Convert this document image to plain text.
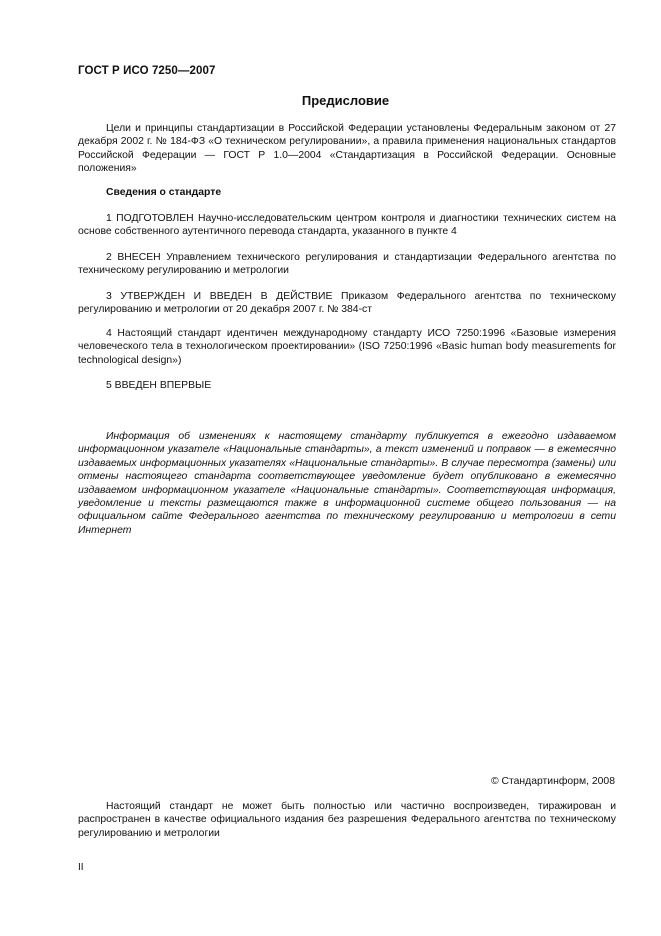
ГОСТ Р ИСО 7250—2007
Предисловие

Цели и принципы стандартизации в Российской Федерации установлены Федеральным законом от 27 декабря 2002 г. № 184-ФЗ «О техническом регулировании», а правила применения национальных стандартов Российской Федерации — ГОСТ Р 1.0—2004 «Стандартизация в Российской Федерации. Основные положения»

Сведения о стандарте

1 ПОДГОТОВЛЕН Научно-исследовательским центром контроля и диагностики технических систем на основе собственного аутентичного перевода стандарта, указанного в пункте 4

2 ВНЕСЕН Управлением технического регулирования и стандартизации Федерального агентства по техническому регулированию и метрологии

3 УТВЕРЖДЕН И ВВЕДЕН В ДЕЙСТВИЕ Приказом Федерального агентства по техническому регулированию и метрологии от 20 декабря 2007 г. № 384-ст

4 Настоящий стандарт идентичен международному стандарту ИСО 7250:1996 «Базовые измерения человеческого тела в технологическом проектировании» (ISO 7250:1996 «Basic human body measurements for technological design»)

5 ВВЕДЕН ВПЕРВЫЕ

Информация об изменениях к настоящему стандарту публикуется в ежегодно издаваемом информационном указателе «Национальные стандарты», а текст изменений и поправок — в ежемесячно издаваемых информационных указателях «Национальные стандарты». В случае пересмотра (замены) или отмены настоящего стандарта соответствующее уведомление будет опубликовано в ежемесячно издаваемом информационном указателе «Национальные стандарты». Соответствующая информация, уведомление и тексты размещаются также в информационной системе общего пользования — на официальном сайте Федерального агентства по техническому регулированию и метрологии в сети Интернет

© Стандартинформ, 2008

Настоящий стандарт не может быть полностью или частично воспроизведен, тиражирован и распространен в качестве официального издания без разрешения Федерального агентства по техническому регулированию и метрологии

II
